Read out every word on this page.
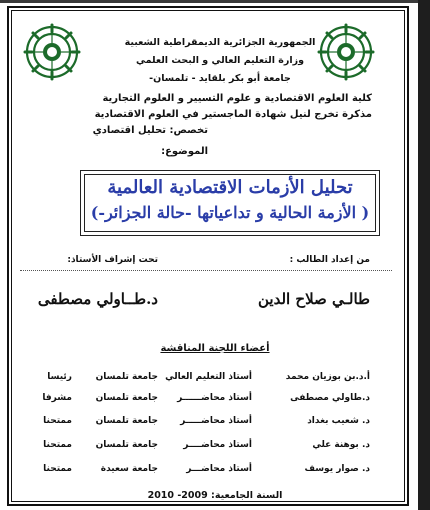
الجمهورية الجزائرية الديمقراطية الشعبية
وزارة التعليم العالي و البحث العلمي
جامعة أبو بكر بلقايد - تلمسان-
كلية العلوم الاقتصادية و علوم التسيير و العلوم التجارية
مذكرة تخرج لنيل شهادة الماجستير في العلوم الاقتصادية
تخصص: تحليل اقتصادي
الموضوع:
تحليل الأزمات الاقتصادية العالمية
( الأزمة الحالية و تداعياتها -حالة الجزائر-)
من إعداد الطالب :
تحت إشراف الأستاذ:
طالـي صلاح الدين
د.طــاولي مصطفى
أعضاء اللجنة المناقشة
أ.د.بن بوزيان محمد
أستاذ التعليم العالي
جامعة تلمسان
رئيسا
د.طاولي مصطفى
أستاذ محاضــــــر
جامعة تلمسان
مشرفا
د. شعيب بغداد
أستاذ محاضـــــر
جامعة تلمسان
ممتحنا
د. بوهنة علي
أستاذ محاضــــر
جامعة تلمسان
ممتحنا
د. صوار يوسف
أستاذ محاضـــر
جامعة سعيدة
ممتحنا
السنة الجامعية: 2009- 2010
